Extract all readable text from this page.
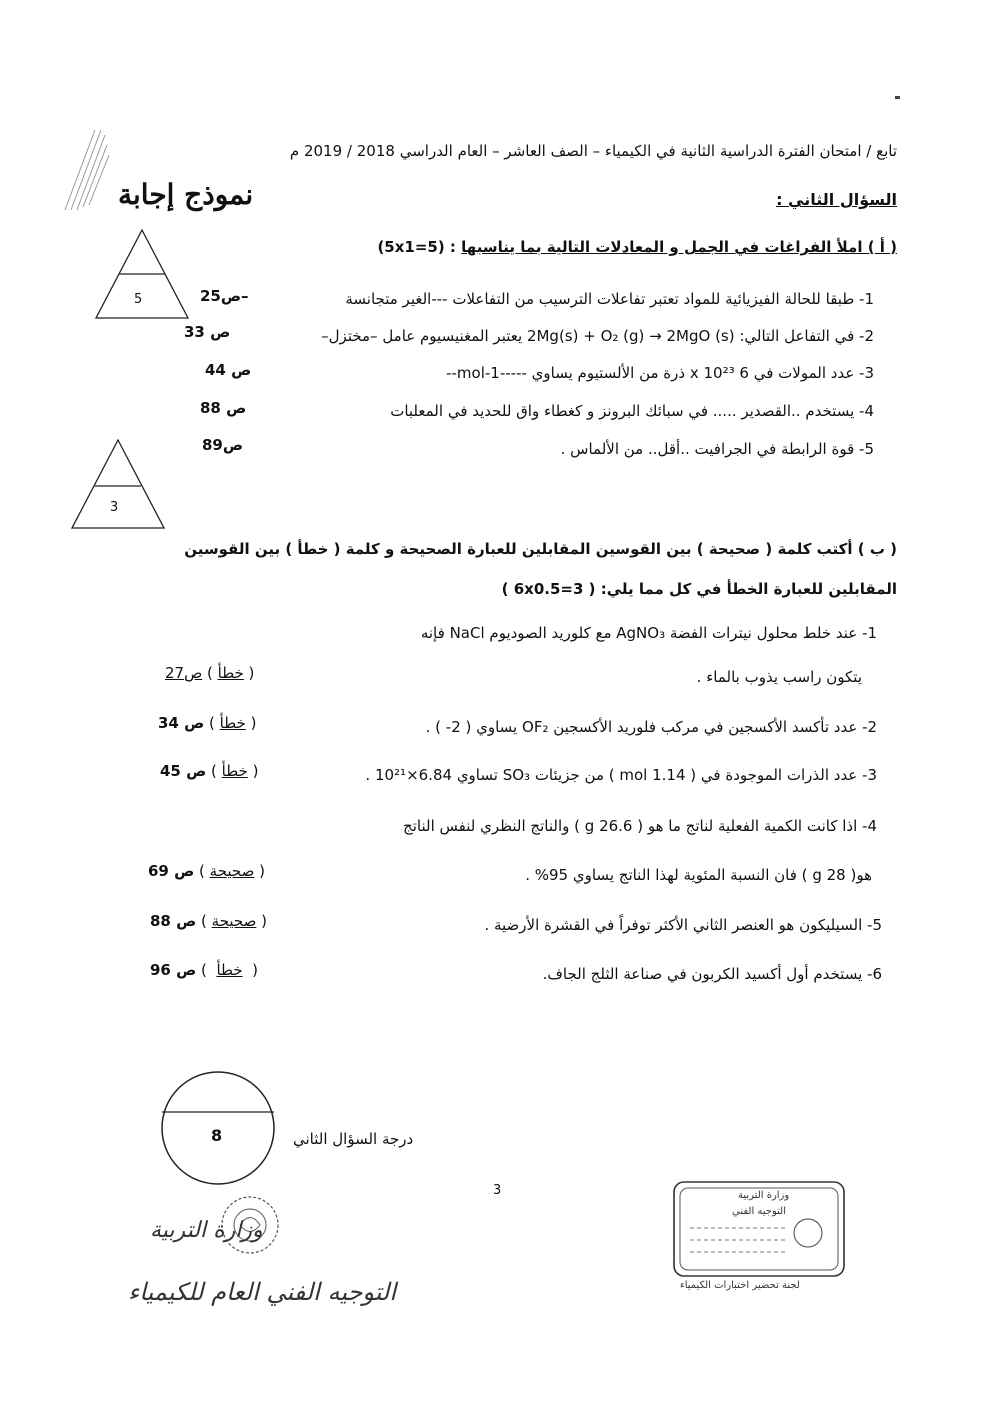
تابع / امتحان الفترة الدراسية الثانية في الكيمياء – الصف العاشر – العام الدراسي 2018 / 2019 م
السؤال الثاني :
نموذج إجابة
( أ ) املأ الفراغات في الجمل و المعادلات التالية بما يناسبها : (5x1=5)
5	1- طبقا للحالة الفيزيائية للمواد تعتبر تفاعلات الترسيب من التفاعلات ---الغير متجانسة
–ص25
2- في التفاعل التالي: 2Mg(s) + O₂ (g) → 2MgO (s) يعتبر المغنيسيوم عامل –مختزل–
ص 33
3- عدد المولات في 6 x 10²³ ذرة من الألستيوم يساوي -----1-mol--
ص 44
4- يستخدم ..القصدير ..... في سبائك البرونز و كغطاء واق للحديد في المعلبات
ص 88
5- قوة الرابطة في الجرافيت ..أقل.. من الألماس .
ص89
3
( ب ) أكتب كلمة ( صحيحة ) بين القوسين المقابلين للعبارة الصحيحة و كلمة ( خطأ ) بين القوسين
المقابلين للعبارة الخطأ في كل مما يلي: ( 6x0.5=3 )
1- عند خلط محلول نيترات الفضة AgNO₃ مع كلوريد الصوديوم NaCl فإنه
يتكون راسب يذوب بالماء .
( خطأ ) ص27
2- عدد تأكسد الأكسجين في مركب فلوريد الأكسجين OF₂ يساوي ( 2- ) .
( خطأ ) ص 34
3- عدد الذرات الموجودة في ( 1.14 mol ) من جزيئات SO₃ تساوي 6.84×10²¹ .
( خطأ ) ص 45
4- اذا كانت الكمية الفعلية لناتج ما هو ( 26.6 g ) والناتج النظري لنفس الناتج
هو( 28 g ) فان النسبة المئوية لهذا الناتج يساوي 95% .
( صحيحة ) ص 69
5- السيليكون هو العنصر الثاني الأكثر توفراً في القشرة الأرضية .
( صحيحة ) ص 88
6- يستخدم أول أكسيد الكربون في صناعة الثلج الجاف.
(  خطأ  ) ص 96
8	درجة السؤال الثاني
3
وزارة التربية
التوجيه الفني العام للكيمياء
وزارة التربية
التوجيه الفني
لجنة تحضير اختبارات الكيمياء
